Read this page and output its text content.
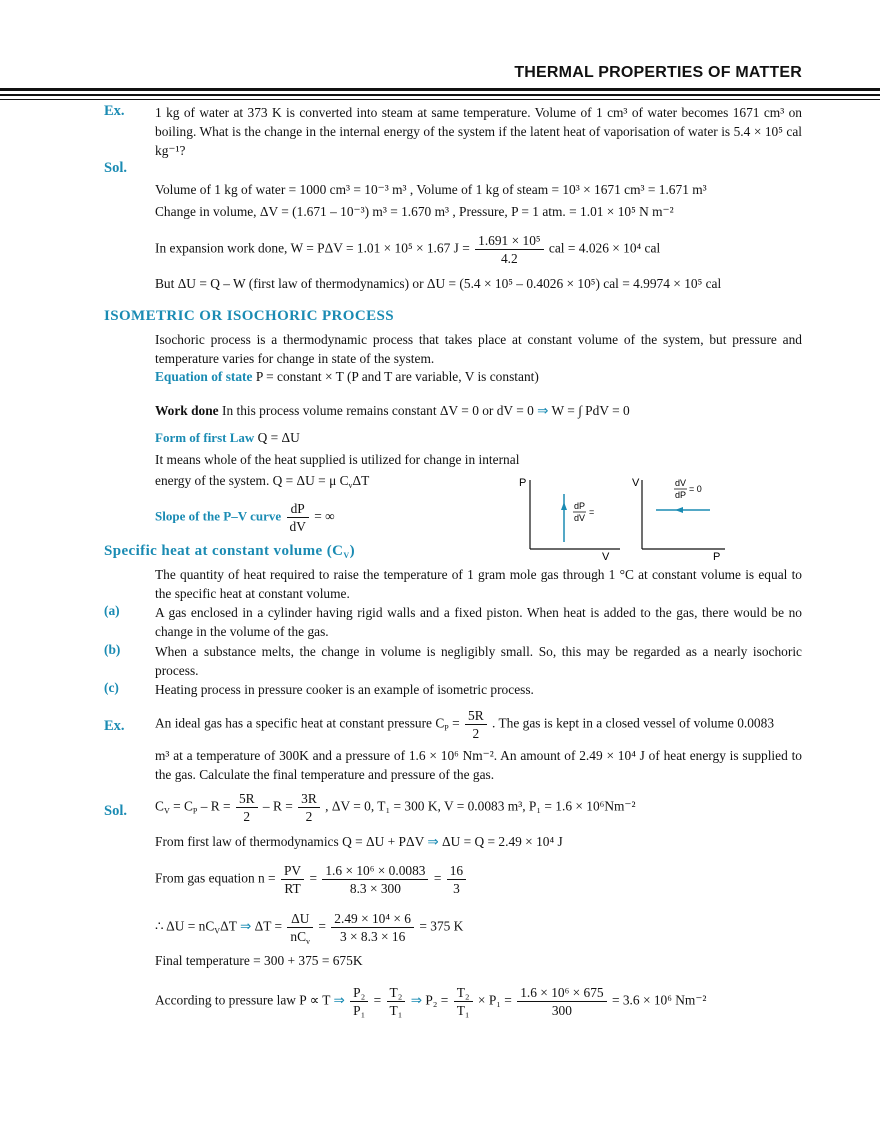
THERMAL PROPERTIES OF MATTER
Ex. 1 kg of water at 373 K is converted into steam at same temperature. Volume of 1 cm³ of water becomes 1671 cm³ on boiling. What is the change in the internal energy of the system if the latent heat of vaporisation of water is 5.4 × 10⁵ cal kg⁻¹?
Sol.
Volume of 1 kg of water = 1000 cm³ = 10⁻³ m³ , Volume of 1 kg of steam = 10³ × 1671 cm³ = 1.671 m³
Change in volume, ΔV = (1.671 – 10⁻³) m³ = 1.670 m³ , Pressure, P = 1 atm. = 1.01 × 10⁵ N m⁻²
In expansion work done, W = PΔV = 1.01 × 10⁵ × 1.67 $J = \frac{\text{1.691 × 10⁵}}{4.2}$ cal = 4.026 × 10⁴ cal
But ΔU = Q – W (first law of thermodynamics) or ΔU = (5.4 × 10⁵ – 0.4026 × 10⁵) cal = 4.9974 × 10⁵ cal
ISOMETRIC OR ISOCHORIC PROCESS
Isochoric process is a thermodynamic process that takes place at constant volume of the system, but pressure and temperature varies for change in state of the system.
Equation of state P = constant × T (P and T are variable, V is constant)
Work done In this process volume remains constant ΔV = 0 or dV = 0 ⇒ W = ∫ PdV = 0
Form of first Law Q = ΔU
It means whole of the heat supplied is utilized for change in internal
energy of the system. Q = ΔU = μ $C_v\Delta T$
Slope of the P–V curve $\frac{dP}{dV}$ = ∞
P
V
dP
dV
=
V
P
dV
dP
= 0
Specific heat at constant volume $(C_V)$
The quantity of heat required to raise the temperature of 1 gram mole gas through 1 °C at constant volume is equal to the specific heat at constant volume.
(a)	A gas enclosed in a cylinder having rigid walls and a fixed piston. When heat is added to the gas, there would be no change in the volume of the gas.
(b)	When a substance melts, the change in volume is negligibly small. So, this may be regarded as a nearly isochoric process.
(c)	Heating process in pressure cooker is an example of isometric process.
Ex. An ideal gas has a specific heat at constant pressure $C_P = \frac{5R}{2}$ . The gas is kept in a closed vessel of volume 0.0083
m³ at a temperature of 300K and a pressure of 1.6 × 10⁶ Nm⁻². An amount of 2.49 × 10⁴ J of heat energy is supplied to the gas. Calculate the final temperature and pressure of the gas.
Sol. $C_V = C_P - R = \frac{5R}{2} - R = \frac{3R}{2}$ , ΔV = 0, T₁ = 300 K, V = 0.0083 m³, P₁ = 1.6 × 10⁶Nm⁻²
From first law of thermodynamics Q = ΔU + PΔV ⇒ ΔU = Q = 2.49 × 10⁴ J
From gas equation $n = \frac{PV}{RT} = \frac{\text{1.6 × 10⁶ × 0.0083}}{8.3 \times 300} = \frac{16}{3}$
∴ $\Delta U = nC_V\Delta T$ ⇒ $\Delta T = \frac{\Delta U}{nC_v} = \frac{\text{2.49 × 10⁴ × 6}}{3 \times 8.3 \times 16} = 375$ K
Final temperature = 300 + 375 = 675K
According to pressure law P ∝ T ⇒ $\frac{\text{P₂}}{\text{P₁}} = \frac{\text{T₂}}{\text{T₁}}$ ⇒ $P_2 = \frac{\text{T₂}}{\text{T₁}} \times P_1 = \frac{\text{1.6 × 10⁶ × 675}}{300} = 3.6 \times 10^6$ Nm⁻²
